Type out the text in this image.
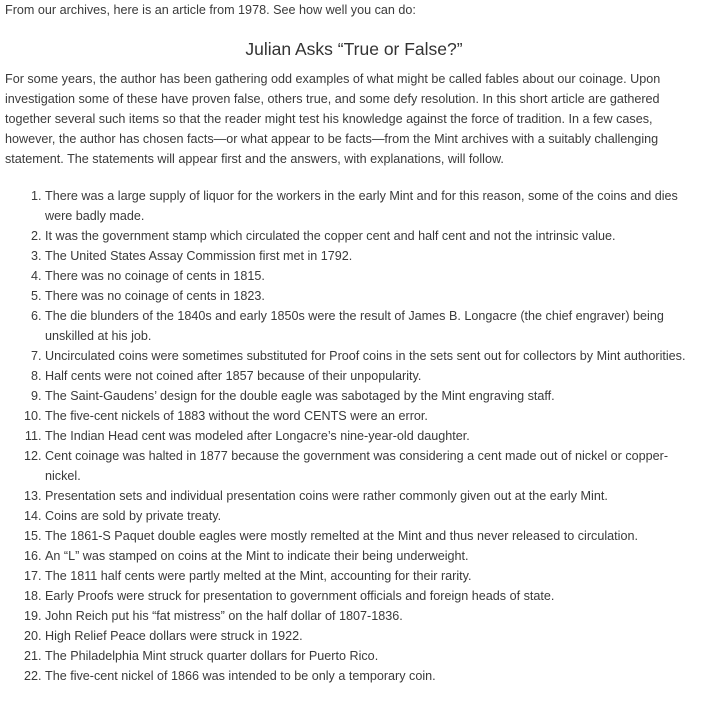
From our archives, here is an article from 1978. See how well you can do:

Julian Asks “True or False?”

For some years, the author has been gathering odd examples of what might be called fables about our coinage. Upon investigation some of these have proven false, others true, and some defy resolution. In this short article are gathered together several such items so that the reader might test his knowledge against the force of tradition. In a few cases, however, the author has chosen facts—or what appear to be facts—from the Mint archives with a suitably challenging statement. The statements will appear first and the answers, with explanations, will follow.

1. There was a large supply of liquor for the workers in the early Mint and for this reason, some of the coins and dies were badly made.
2. It was the government stamp which circulated the copper cent and half cent and not the intrinsic value.
3. The United States Assay Commission first met in 1792.
4. There was no coinage of cents in 1815.
5. There was no coinage of cents in 1823.
6. The die blunders of the 1840s and early 1850s were the result of James B. Longacre (the chief engraver) being unskilled at his job.
7. Uncirculated coins were sometimes substituted for Proof coins in the sets sent out for collectors by Mint authorities.
8. Half cents were not coined after 1857 because of their unpopularity.
9. The Saint-Gaudens’ design for the double eagle was sabotaged by the Mint engraving staff.
10. The five-cent nickels of 1883 without the word CENTS were an error.
11. The Indian Head cent was modeled after Longacre’s nine-year-old daughter.
12. Cent coinage was halted in 1877 because the government was considering a cent made out of nickel or copper-nickel.
13. Presentation sets and individual presentation coins were rather commonly given out at the early Mint.
14. Coins are sold by private treaty.
15. The 1861-S Paquet double eagles were mostly remelted at the Mint and thus never released to circulation.
16. An “L” was stamped on coins at the Mint to indicate their being underweight.
17. The 1811 half cents were partly melted at the Mint, accounting for their rarity.
18. Early Proofs were struck for presentation to government officials and foreign heads of state.
19. John Reich put his “fat mistress” on the half dollar of 1807-1836.
20. High Relief Peace dollars were struck in 1922.
21. The Philadelphia Mint struck quarter dollars for Puerto Rico.
22. The five-cent nickel of 1866 was intended to be only a temporary coin.
